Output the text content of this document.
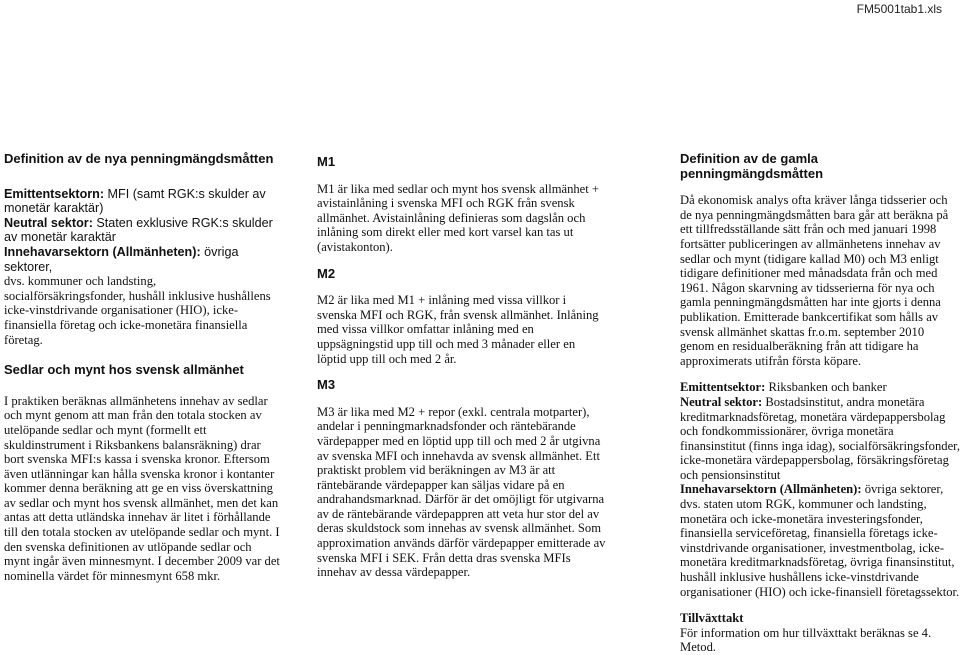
FM5001tab1.xls

Definition av de nya penningmängdsmåtten

Emittentsektorn: MFI (samt RGK:s skulder av monetär karaktär)

Neutral sektor: Staten exklusive RGK:s skulder av monetär karaktär

Innehavarsektorn (Allmänheten): övriga sektorer,

dvs. kommuner och landsting, socialförsäkringsfonder, hushåll inklusive hushållens icke-vinstdrivande organisationer (HIO), icke-finansiella företag och icke-monetära finansiella företag.

Sedlar och mynt hos svensk allmänhet

I praktiken beräknas allmänhetens innehav av sedlar och mynt genom att man från den totala stocken av utelöpande sedlar och mynt (formellt ett skuldinstrument i Riksbankens balansräkning) drar bort svenska MFI:s kassa i svenska kronor. Eftersom även utlänningar kan hålla svenska kronor i kontanter kommer denna beräkning att ge en viss överskattning av sedlar och mynt hos svensk allmänhet, men det kan antas att detta utländska innehav är litet i förhållande till den totala stocken av utelöpande sedlar och mynt. I den svenska definitionen av utlöpande sedlar och mynt ingår även minnesmynt. I december 2009 var det nominella värdet för minnesmynt 658 mkr.

M1

M1 är lika med sedlar och mynt hos svensk allmänhet + avistainlåning i svenska MFI och RGK från svensk allmänhet. Avistainlåning definieras som dagslån och inlåning som direkt eller med kort varsel kan tas ut (avistakonton).

M2

M2 är lika med M1 + inlåning med vissa villkor i svenska MFI och RGK, från svensk allmänhet. Inlåning med vissa villkor omfattar inlåning med en uppsägningstid upp till och med 3 månader eller en löptid upp till och med 2 år.

M3

M3 är lika med M2 + repor (exkl. centrala motparter), andelar i penningmarknadsfonder och räntebärande värdepapper med en löptid upp till och med 2 år utgivna av svenska MFI och innehavda av svensk allmänhet. Ett praktiskt problem vid beräkningen av M3 är att räntebärande värdepapper kan säljas vidare på en andrahandsmarknad. Därför är det omöjligt för utgivarna av de räntebärande värdepappren att veta hur stor del av deras skuldstock som innehas av svensk allmänhet. Som approximation används därför värdepapper emitterade av svenska MFI i SEK. Från detta dras svenska MFIs innehav av dessa värdepapper.

Definition av de gamla penningmängdsmåtten

Då ekonomisk analys ofta kräver långa tidsserier och de nya penningmängdsmåtten bara går att beräkna på ett tillfredsställande sätt från och med januari 1998 fortsätter publiceringen av allmänhetens innehav av sedlar och mynt (tidigare kallad M0) och M3 enligt tidigare definitioner med månadsdata från och med 1961. Någon skarvning av tidsserierna för nya och gamla penningmängdsmåtten har inte gjorts i denna publikation. Emitterade bankcertifikat som hålls av svensk allmänhet skattas fr.o.m. september 2010 genom en residualberäkning från att tidigare ha approximerats utifrån första köpare.

Emittentsektor: Riksbanken och banker

Neutral sektor: Bostadsinstitut, andra monetära kreditmarknadsföretag, monetära värdepappersbolag och fondkommissionärer, övriga monetära finansinstitut (finns inga idag), socialförsäkringsfonder, icke-monetära värdepappersbolag, försäkringsföretag och pensionsinstitut

Innehavarsektorn (Allmänheten): övriga sektorer, dvs. staten utom RGK, kommuner och landsting, monetära och icke-monetära investeringsfonder, finansiella serviceföretag, finansiella företags icke-vinstdrivande organisationer, investmentbolag, icke-monetära kreditmarknadsföretag, övriga finansinstitut, hushåll inklusive hushållens icke-vinstdrivande organisationer (HIO) och icke-finansiell företagssektor.

Tillväxttakt

För information om hur tillväxttakt beräknas se 4. Metod.
